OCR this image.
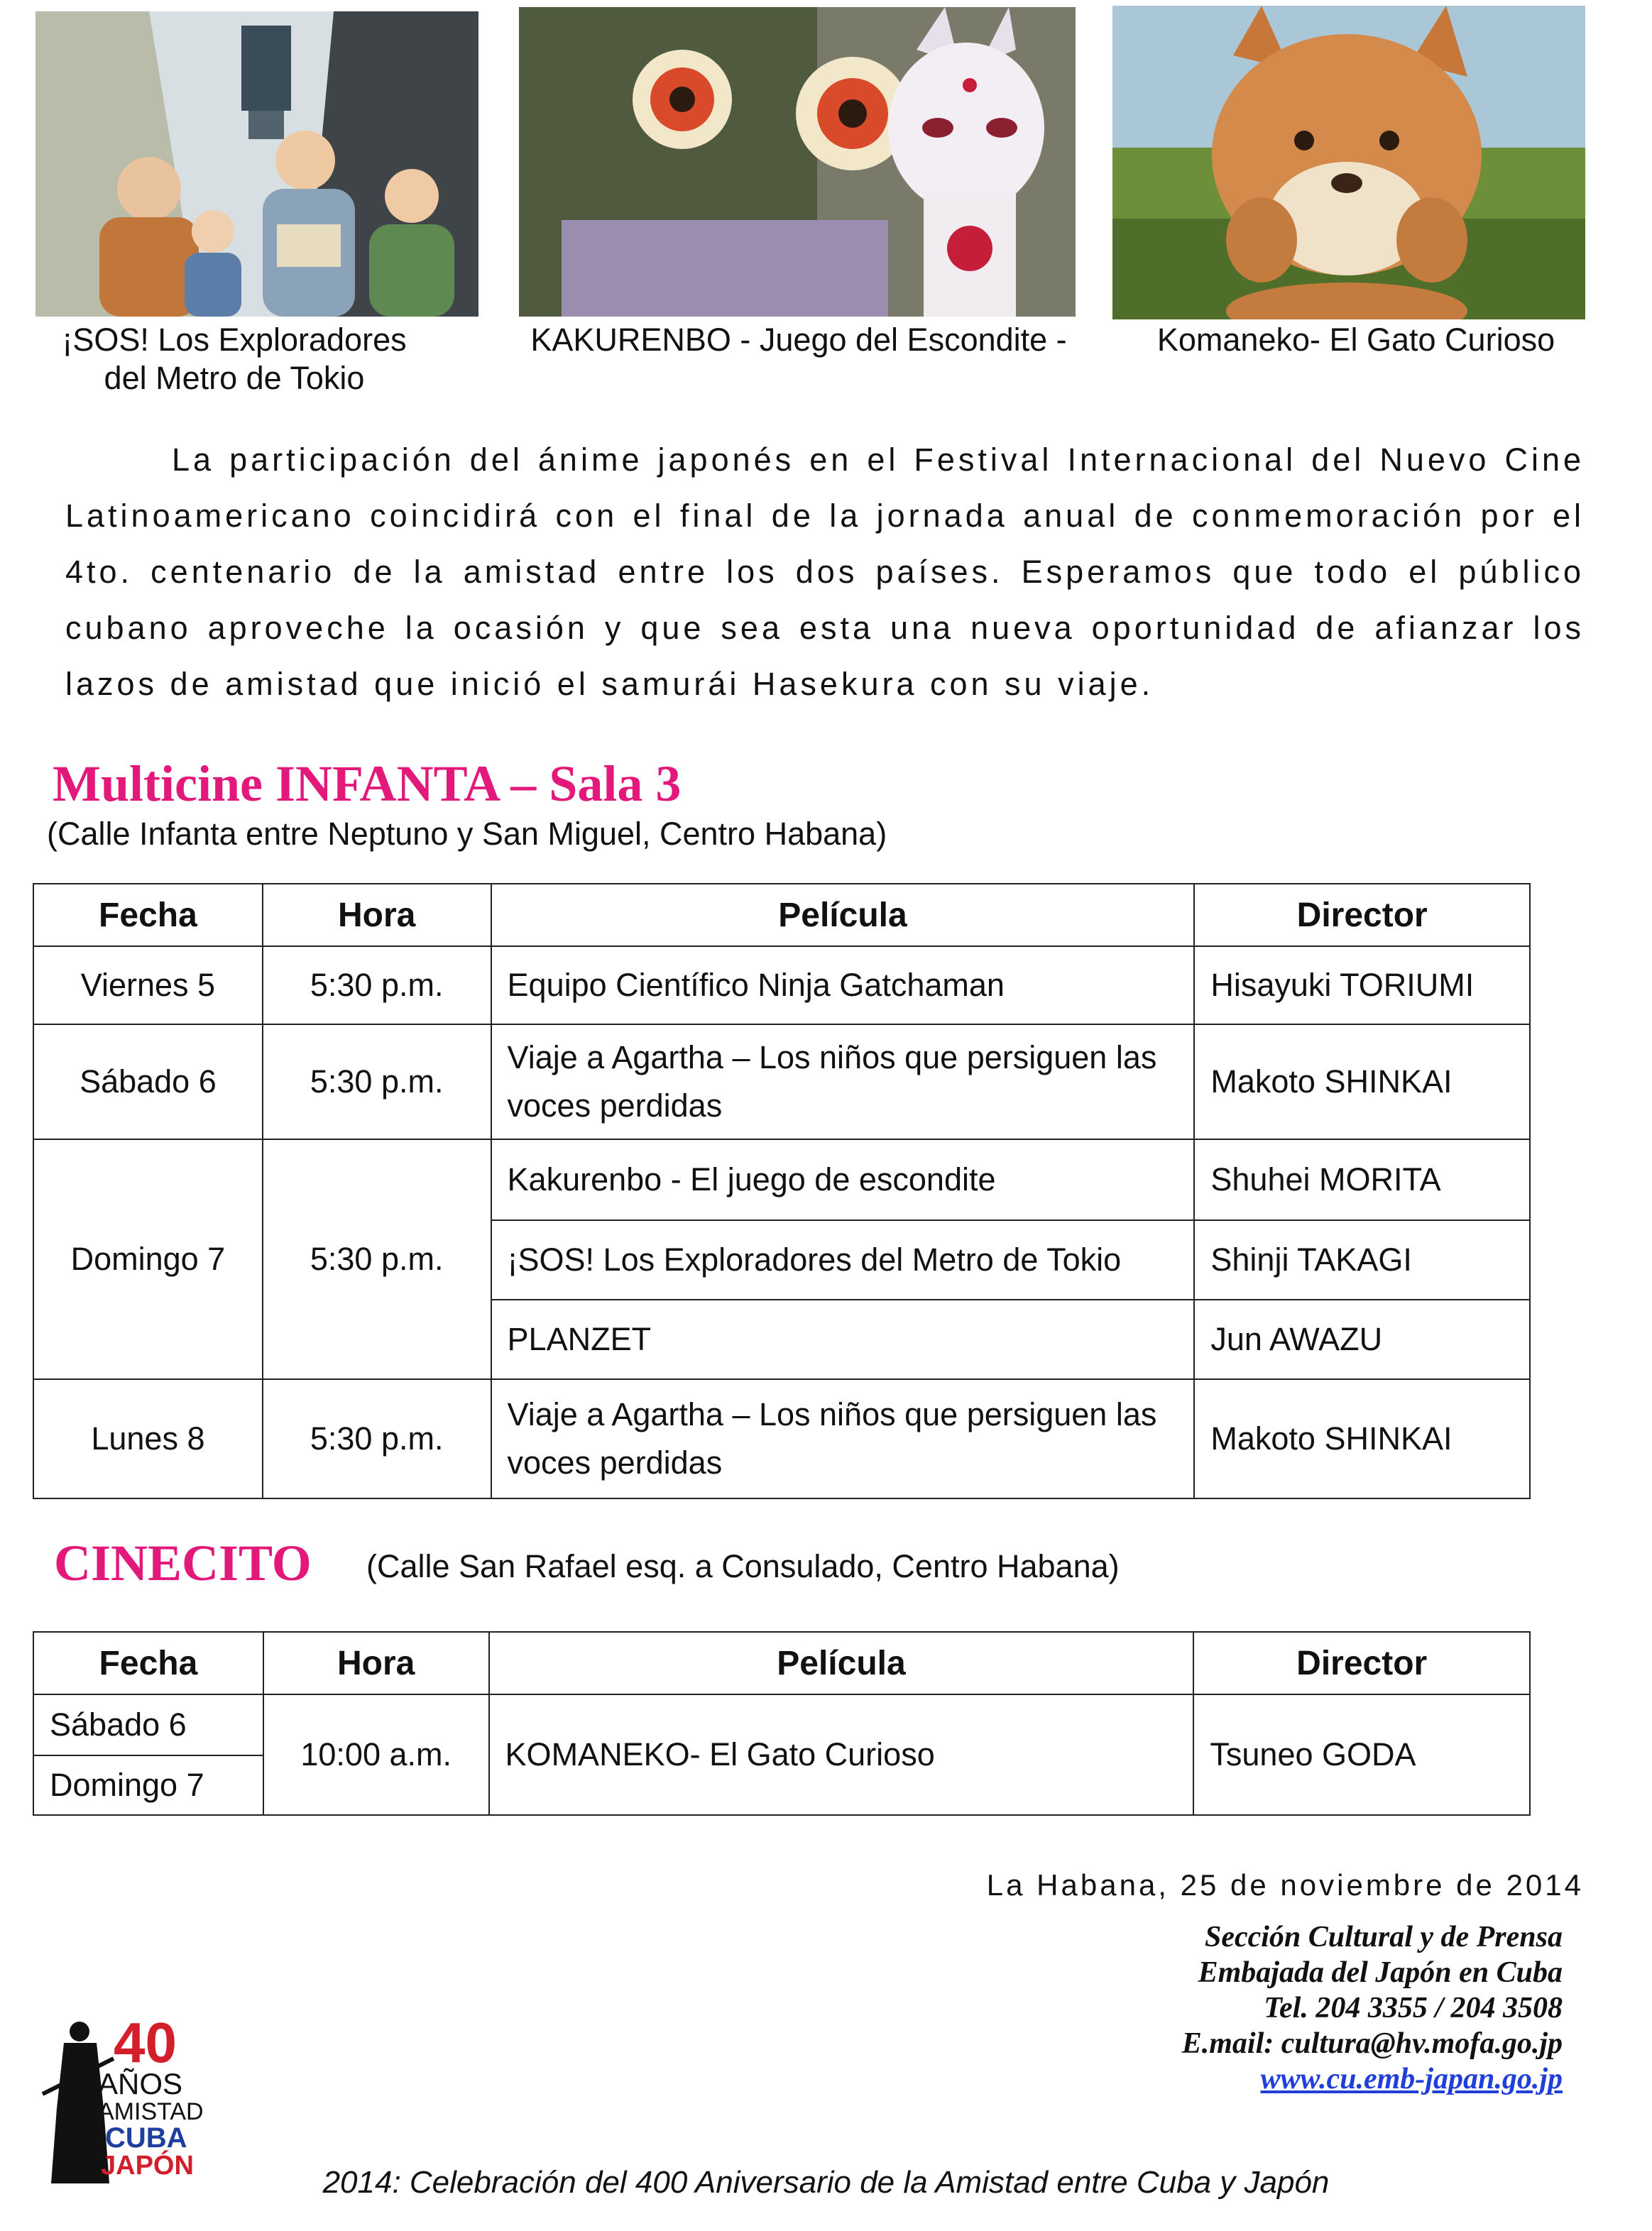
¡SOS! Los Exploradores del Metro de Tokio
KAKURENBO - Juego del Escondite -	Komaneko- El Gato Curioso
La participación del ánime japonés en el Festival Internacional del Nuevo Cine Latinoamericano coincidirá con el final de la jornada anual de conmemoración por el 4to. centenario de la amistad entre los dos países. Esperamos que todo el público cubano aproveche la ocasión y que sea esta una nueva oportunidad de afianzar los lazos de amistad que inició el samurái Hasekura con su viaje.
Multicine INFANTA – Sala 3
(Calle Infanta entre Neptuno y San Miguel, Centro Habana)
Fecha	Hora	Película	Director
Viernes 5	5:30 p.m.	Equipo Científico Ninja Gatchaman	Hisayuki TORIUMI
Sábado 6	5:30 p.m.	Viaje a Agartha – Los niños que persiguen las voces perdidas	Makoto SHINKAI
Domingo 7	5:30 p.m.	Kakurenbo - El juego de escondite	Shuhei MORITA
		¡SOS! Los Exploradores del Metro de Tokio	Shinji TAKAGI
		PLANZET	Jun AWAZU
Lunes 8	5:30 p.m.	Viaje a Agartha – Los niños que persiguen las voces perdidas	Makoto SHINKAI
CINECITO (Calle San Rafael esq. a Consulado, Centro Habana)
Fecha	Hora	Película	Director
Sábado 6	10:00 a.m.	KOMANEKO- El Gato Curioso	Tsuneo GODA
Domingo 7			
La Habana, 25 de noviembre de 2014
Sección Cultural y de Prensa
Embajada del Japón en Cuba
Tel. 204 3355 / 204 3508
E.mail: cultura@hv.mofa.go.jp
www.cu.emb-japan.go.jp
40
AÑOS
AMISTAD
CUBA
JAPÓN	2014: Celebración del 400 Aniversario de la Amistad entre Cuba y Japón
